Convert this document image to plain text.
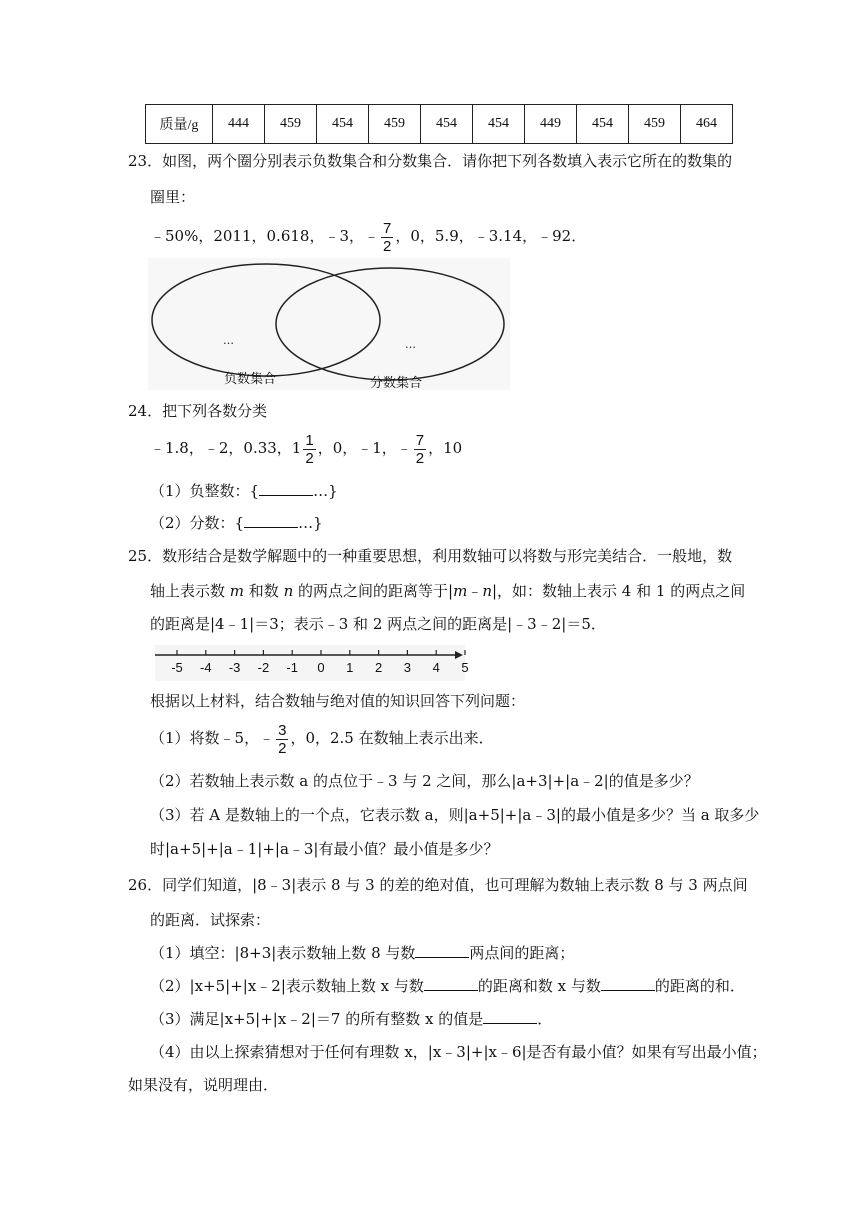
质量/g	444	459	454	459	454	454	449	454	459	464
23．如图，两个圈分别表示负数集合和分数集合．请你把下列各数填入表示它所在的数集的
圈里：
﹣50%，2011，0.618，﹣3，﹣ $\frac{7}{2}$ ，0，5.9，﹣3.14，﹣92．
…	…
负数集合	分数集合
24．把下列各数分类
﹣1.8，﹣2，0.33，$1 \frac{1}{2}$ ，0，﹣1，﹣ $\frac{7}{2}$ ，10
（1）负整数：{	…}
（2）分数：{	…}
25．数形结合是数学解题中的一种重要思想，利用数轴可以将数与形完美结合．一般地，数
轴上表示数 m 和数 n 的两点之间的距离等于|m﹣n|，如：数轴上表示 4 和 1 的两点之间
的距离是|4﹣1|＝3；表示﹣3 和 2 两点之间的距离是|﹣3﹣2|＝5．
-5 -4 -3 -2 -1 0 1 2 3 4 5
根据以上材料，结合数轴与绝对值的知识回答下列问题：
（1）将数﹣5，﹣ $\frac{3}{2}$ ，0，2.5 在数轴上表示出来．
（2）若数轴上表示数 a 的点位于﹣3 与 2 之间，那么|a+3|+|a﹣2|的值是多少？
（3）若 A 是数轴上的一个点，它表示数 a，则|a+5|+|a﹣3|的最小值是多少？当 a 取多少
时|a+5|+|a﹣1|+|a﹣3|有最小值？最小值是多少？
26．同学们知道，|8﹣3|表示 8 与 3 的差的绝对值，也可理解为数轴上表示数 8 与 3 两点间
的距离．试探索：
（1）填空：|8+3|表示数轴上数 8 与数	两点间的距离；
（2）|x+5|+|x﹣2|表示数轴上数 x 与数	的距离和数 x 与数	的距离的和．
（3）满足|x+5|+|x﹣2|＝7 的所有整数 x 的值是	．
（4）由以上探索猜想对于任何有理数 x，|x﹣3|+|x﹣6|是否有最小值？如果有写出最小值；
如果没有，说明理由．
